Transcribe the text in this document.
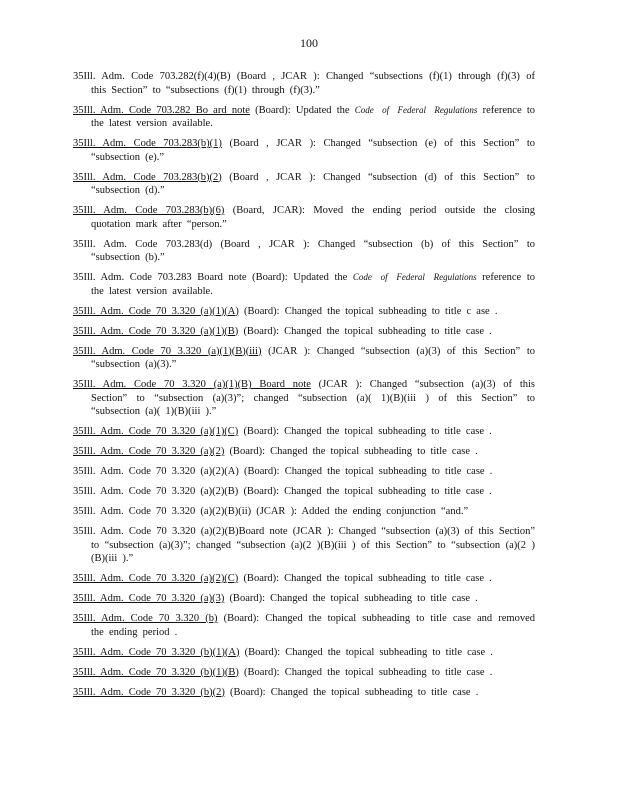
100
35Ill. Adm. Code 703.282(f)(4)(B) (Board , JCAR ): Changed “subsections (f)(1) through (f)(3) of this Section” to “subsections (f)(1) through (f)(3).”
35Ill. Adm. Code 703.282 Bo ard note (Board): Updated the Code of Federal Regulations reference to the latest version available.
35Ill. Adm. Code 703.283(b)(1) (Board , JCAR ): Changed “subsection (e) of this Section” to “subsection (e).”
35Ill. Adm. Code 703.283(b)(2) (Board , JCAR ): Changed “subsection (d) of this Section” to “subsection (d).”
35Ill. Adm. Code 703.283(b)(6) (Board, JCAR): Moved the ending period outside the closing quotation mark after “person.”
35Ill. Adm. Code 703.283(d) (Board , JCAR ): Changed “subsection (b) of this Section” to “subsection (b).”
35Ill. Adm. Code 703.283 Board note (Board): Updated the Code of Federal Regulations reference to the latest version available.
35Ill. Adm. Code 70 3.320 (a)(1)(A) (Board): Changed the topical subheading to title c ase .
35Ill. Adm. Code 70 3.320 (a)(1)(B) (Board): Changed the topical subheading to title case .
35Ill. Adm. Code 70 3.320 (a)(1)(B)(iii) (JCAR ): Changed “subsection (a)(3) of this Section” to “subsection (a)(3).”
35Ill. Adm. Code 70 3.320 (a)(1)(B) Board note (JCAR ): Changed “subsection (a)(3) of this Section” to “subsection (a)(3)”; changed “subsection (a)( 1)(B)(iii ) of this Section” to “subsection (a)( 1)(B)(iii ).”
35Ill. Adm. Code 70 3.320 (a)(1)(C) (Board): Changed the topical subheading to title case .
35Ill. Adm. Code 70 3.320 (a)(2) (Board): Changed the topical subheading to title case .
35Ill. Adm. Code 70 3.320 (a)(2)(A) (Board): Changed the topical subheading to title case .
35Ill. Adm. Code 70 3.320 (a)(2)(B) (Board): Changed the topical subheading to title case .
35Ill. Adm. Code 70 3.320 (a)(2)(B)(ii) (JCAR ): Added the ending conjunction “and.”
35Ill. Adm. Code 70 3.320 (a)(2)(B)Board note (JCAR ): Changed “subsection (a)(3) of this Section” to “subsection (a)(3)”; changed “subsection (a)(2 )(B)(iii ) of this Section” to “subsection (a)(2 )(B)(iii ).”
35Ill. Adm. Code 70 3.320 (a)(2)(C) (Board): Changed the topical subheading to title case .
35Ill. Adm. Code 70 3.320 (a)(3) (Board): Changed the topical subheading to title case .
35Ill. Adm. Code 70 3.320 (b) (Board): Changed the topical subheading to title case and removed the ending period .
35Ill. Adm. Code 70 3.320 (b)(1)(A) (Board): Changed the topical subheading to title case .
35Ill. Adm. Code 70 3.320 (b)(1)(B) (Board): Changed the topical subheading to title case .
35Ill. Adm. Code 70 3.320 (b)(2) (Board): Changed the topical subheading to title case .
